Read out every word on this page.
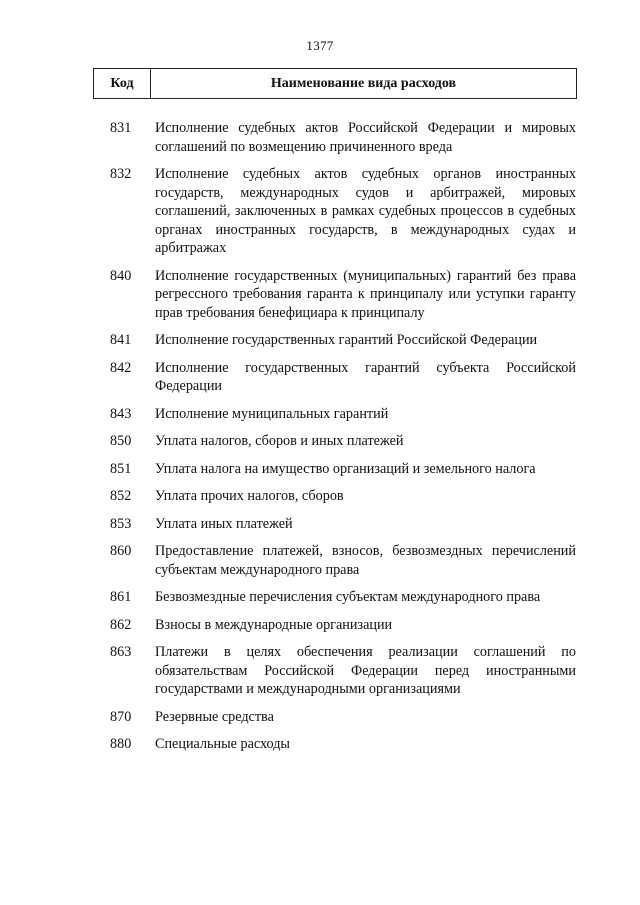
1377
Код	Наименование вида расходов
831	Исполнение судебных актов Российской Федерации и мировых соглашений по возмещению причиненного вреда
832	Исполнение судебных актов судебных органов иностранных государств, международных судов и арбитражей, мировых соглашений, заключенных в рамках судебных процессов в судебных органах иностранных государств, в международных судах и арбитражах
840	Исполнение государственных (муниципальных) гарантий без права регрессного требования гаранта к принципалу или уступки гаранту прав требования бенефициара к принципалу
841	Исполнение государственных гарантий Российской Федерации
842	Исполнение государственных гарантий субъекта Российской Федерации
843	Исполнение муниципальных гарантий
850	Уплата налогов, сборов и иных платежей
851	Уплата налога на имущество организаций и земельного налога
852	Уплата прочих налогов, сборов
853	Уплата иных платежей
860	Предоставление платежей, взносов, безвозмездных перечислений субъектам международного права
861	Безвозмездные перечисления субъектам международного права
862	Взносы в международные организации
863	Платежи в целях обеспечения реализации соглашений по обязательствам Российской Федерации перед иностранными государствами и международными организациями
870	Резервные средства
880	Специальные расходы
